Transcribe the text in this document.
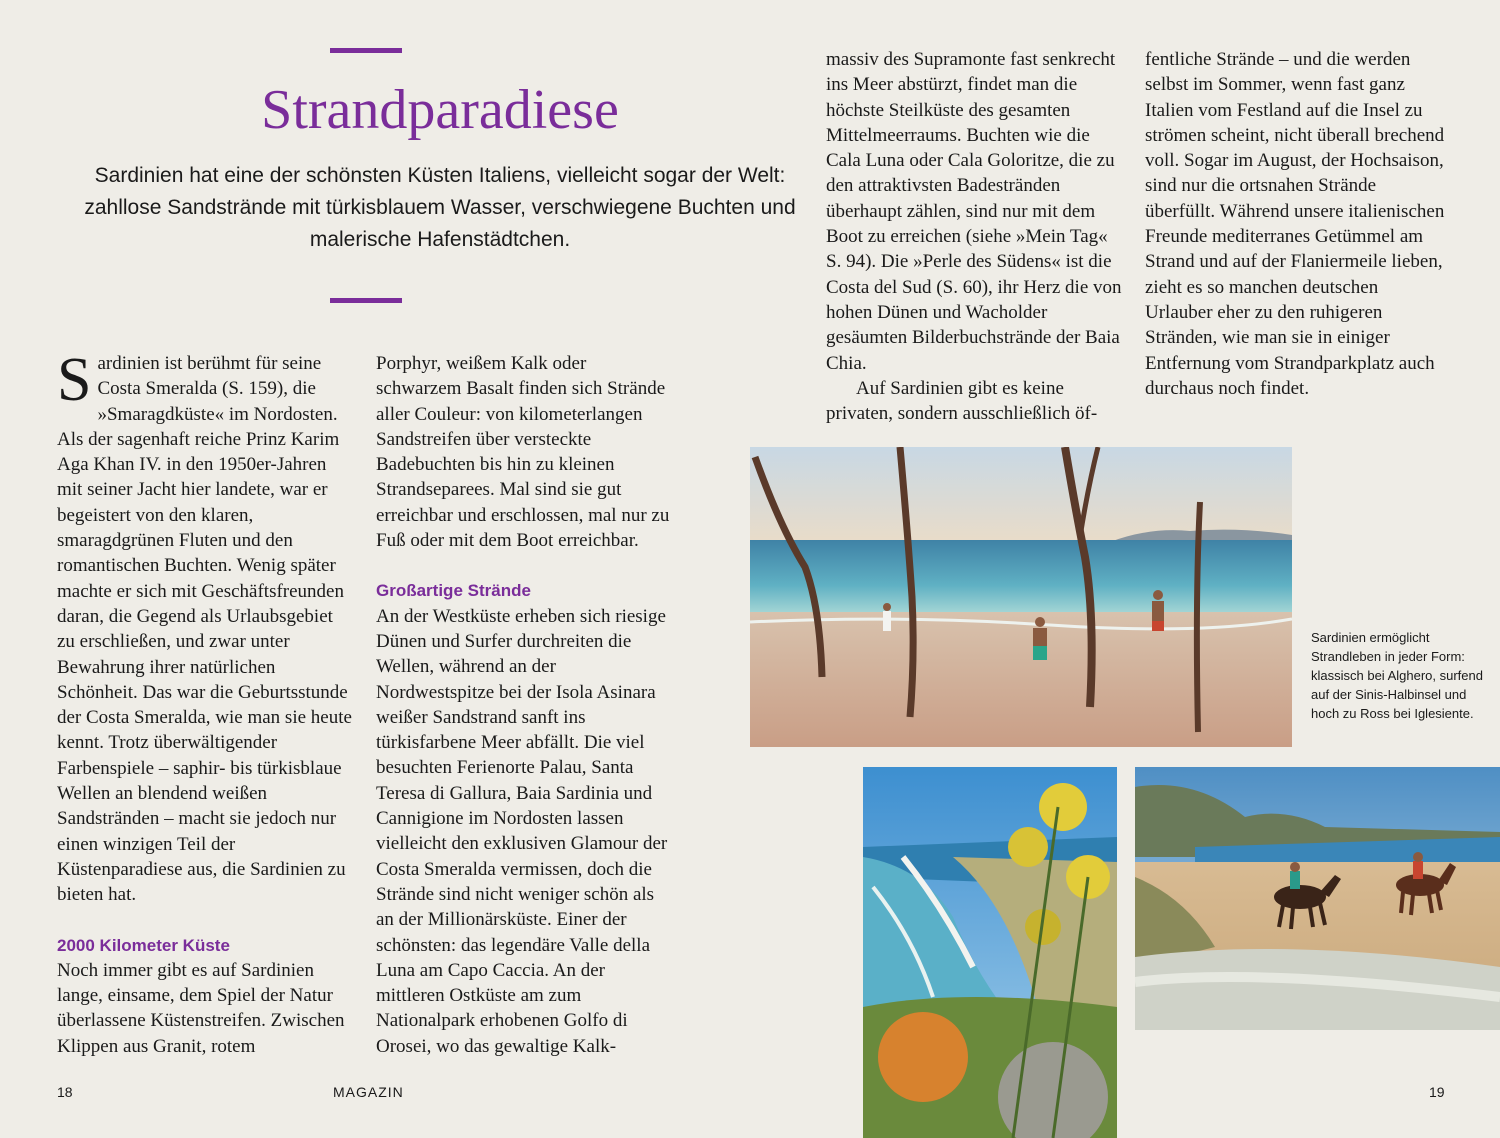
Strandparadiese
Sardinien hat eine der schönsten Küsten Italiens, vielleicht sogar der Welt: zahllose Sandstrände mit türkisblauem Wasser, verschwiegene Buchten und malerische Hafenstädtchen.

Sardinien ist berühmt für seine Costa Smeralda (S. 159), die »Smaragdküste« im Nordosten. Als der sagenhaft reiche Prinz Karim Aga Khan IV. in den 1950er-Jahren mit seiner Jacht hier landete, war er begeistert von den klaren, smaragdgrünen Fluten und den romantischen Buchten. Wenig später machte er sich mit Geschäftsfreunden daran, die Gegend als Urlaubsgebiet zu erschließen, und zwar unter Bewahrung ihrer natürlichen Schönheit. Das war die Geburtsstunde der Costa Smeralda, wie man sie heute kennt. Trotz überwältigender Farbenspiele – saphir- bis türkisblaue Wellen an blendend weißen Sandstränden – macht sie jedoch nur einen winzigen Teil der Küstenparadiese aus, die Sardinien zu bieten hat.

2000 Kilometer Küste

Noch immer gibt es auf Sardinien lange, einsame, dem Spiel der Natur überlassene Küstenstreifen. Zwischen Klippen aus Granit, rotem

Porphyr, weißem Kalk oder schwarzem Basalt finden sich Strände aller Couleur: von kilometerlangen Sandstreifen über versteckte Badebuchten bis hin zu kleinen Strandseparees. Mal sind sie gut erreichbar und erschlossen, mal nur zu Fuß oder mit dem Boot erreichbar.

Großartige Strände

An der Westküste erheben sich riesige Dünen und Surfer durchreiten die Wellen, während an der Nordwestspitze bei der Isola Asinara weißer Sandstrand sanft ins türkisfarbene Meer abfällt. Die viel besuchten Ferienorte Palau, Santa Teresa di Gallura, Baia Sardinia und Cannigione im Nordosten lassen vielleicht den exklusiven Glamour der Costa Smeralda vermissen, doch die Strände sind nicht weniger schön als an der Millionärsküste. Einer der schönsten: das legendäre Valle della Luna am Capo Caccia. An der mittleren Ostküste am zum Nationalpark erhobenen Golfo di Orosei, wo das gewaltige Kalk-

massiv des Supramonte fast senkrecht ins Meer abstürzt, findet man die höchste Steilküste des gesamten Mittelmeerraums. Buchten wie die Cala Luna oder Cala Goloritze, die zu den attraktivsten Badestränden überhaupt zählen, sind nur mit dem Boot zu erreichen (siehe »Mein Tag« S. 94). Die »Perle des Südens« ist die Costa del Sud (S. 60), ihr Herz die von hohen Dünen und Wacholder gesäumten Bilderbuchstrände der Baia Chia.

Auf Sardinien gibt es keine privaten, sondern ausschließlich öf-

fentliche Strände – und die werden selbst im Sommer, wenn fast ganz Italien vom Festland auf die Insel zu strömen scheint, nicht überall brechend voll. Sogar im August, der Hochsaison, sind nur die ortsnahen Strände überfüllt. Während unsere italienischen Freunde mediterranes Getümmel am Strand und auf der Flaniermeile lieben, zieht es so manchen deutschen Urlauber eher zu den ruhigeren Stränden, wie man sie in einiger Entfernung vom Strandparkplatz auch durchaus noch findet.

Sardinien ermöglicht Strandleben in jeder Form: klassisch bei Alghero, surfend auf der Sinis-Halbinsel und hoch zu Ross bei Iglesiente.
18	MAGAZIN	19
